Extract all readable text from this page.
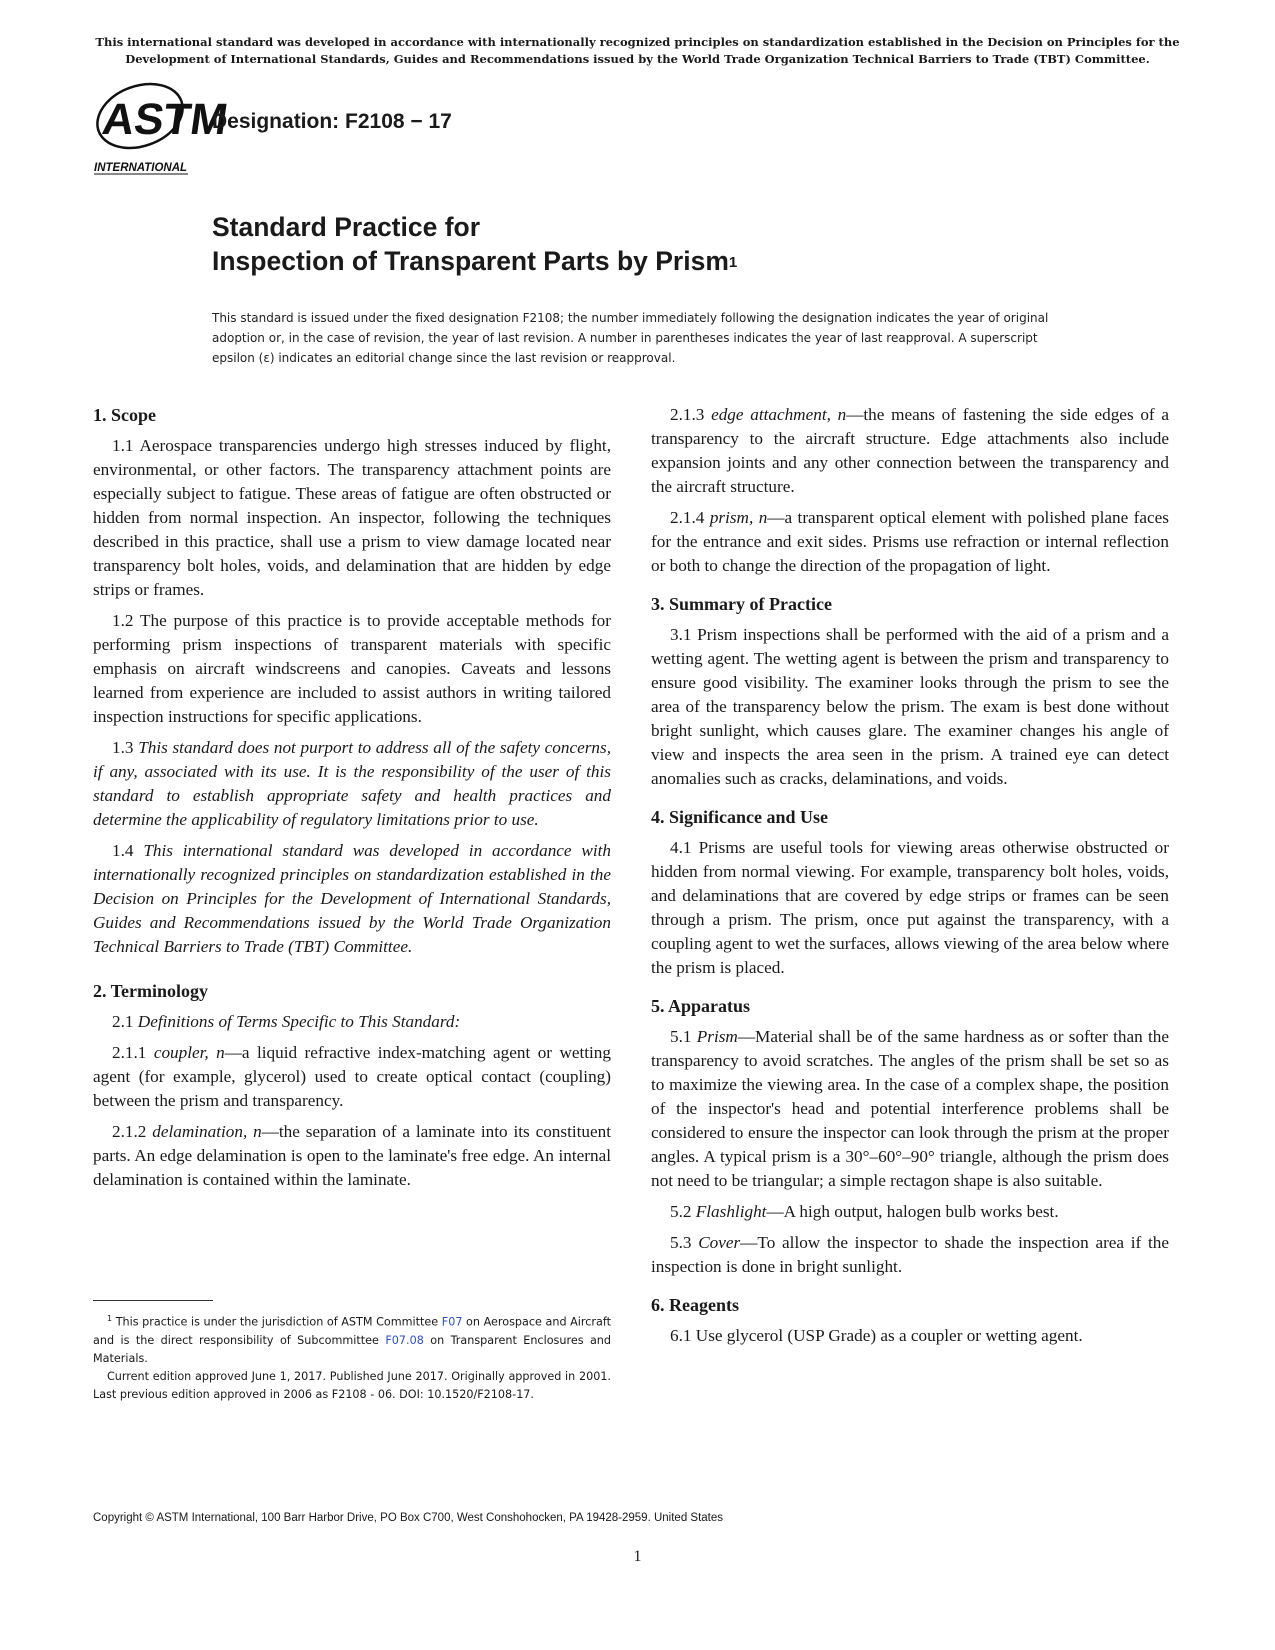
This international standard was developed in accordance with internationally recognized principles on standardization established in the Decision on Principles for the
Development of International Standards, Guides and Recommendations issued by the World Trade Organization Technical Barriers to Trade (TBT) Committee.
ASTM
INTERNATIONAL
Designation: F2108 − 17
Standard Practice for
Inspection of Transparent Parts by Prism$^1$
This standard is issued under the fixed designation F2108; the number immediately following the designation indicates the year of original adoption or, in the case of revision, the year of last revision. A number in parentheses indicates the year of last reapproval. A superscript epsilon (ε) indicates an editorial change since the last revision or reapproval.
1. Scope

1.1 Aerospace transparencies undergo high stresses induced by flight, environmental, or other factors. The transparency attachment points are especially subject to fatigue. These areas of fatigue are often obstructed or hidden from normal inspection. An inspector, following the techniques described in this practice, shall use a prism to view damage located near transparency bolt holes, voids, and delamination that are hidden by edge strips or frames.

1.2 The purpose of this practice is to provide acceptable methods for performing prism inspections of transparent materials with specific emphasis on aircraft windscreens and canopies. Caveats and lessons learned from experience are included to assist authors in writing tailored inspection instructions for specific applications.

1.3 This standard does not purport to address all of the safety concerns, if any, associated with its use. It is the responsibility of the user of this standard to establish appropriate safety and health practices and determine the applicability of regulatory limitations prior to use.

1.4 This international standard was developed in accordance with internationally recognized principles on standardization established in the Decision on Principles for the Development of International Standards, Guides and Recommendations issued by the World Trade Organization Technical Barriers to Trade (TBT) Committee.

2. Terminology

2.1 Definitions of Terms Specific to This Standard:

2.1.1 coupler, n—a liquid refractive index-matching agent or wetting agent (for example, glycerol) used to create optical contact (coupling) between the prism and transparency.

2.1.2 delamination, n—the separation of a laminate into its constituent parts. An edge delamination is open to the laminate's free edge. An internal delamination is contained within the laminate.

2.1.3 edge attachment, n—the means of fastening the side edges of a transparency to the aircraft structure. Edge attachments also include expansion joints and any other connection between the transparency and the aircraft structure.

2.1.4 prism, n—a transparent optical element with polished plane faces for the entrance and exit sides. Prisms use refraction or internal reflection or both to change the direction of the propagation of light.

3. Summary of Practice

3.1 Prism inspections shall be performed with the aid of a prism and a wetting agent. The wetting agent is between the prism and transparency to ensure good visibility. The examiner looks through the prism to see the area of the transparency below the prism. The exam is best done without bright sunlight, which causes glare. The examiner changes his angle of view and inspects the area seen in the prism. A trained eye can detect anomalies such as cracks, delaminations, and voids.

4. Significance and Use

4.1 Prisms are useful tools for viewing areas otherwise obstructed or hidden from normal viewing. For example, transparency bolt holes, voids, and delaminations that are covered by edge strips or frames can be seen through a prism. The prism, once put against the transparency, with a coupling agent to wet the surfaces, allows viewing of the area below where the prism is placed.

5. Apparatus

5.1 Prism—Material shall be of the same hardness as or softer than the transparency to avoid scratches. The angles of the prism shall be set so as to maximize the viewing area. In the case of a complex shape, the position of the inspector's head and potential interference problems shall be considered to ensure the inspector can look through the prism at the proper angles. A typical prism is a 30°–60°–90° triangle, although the prism does not need to be triangular; a simple rectagon shape is also suitable.

5.2 Flashlight—A high output, halogen bulb works best.

5.3 Cover—To allow the inspector to shade the inspection area if the inspection is done in bright sunlight.

6. Reagents

6.1 Use glycerol (USP Grade) as a coupler or wetting agent.

$^1$ This practice is under the jurisdiction of ASTM Committee F07 on Aerospace and Aircraft and is the direct responsibility of Subcommittee F07.08 on Transparent Enclosures and Materials.

Current edition approved June 1, 2017. Published June 2017. Originally approved in 2001. Last previous edition approved in 2006 as F2108 - 06. DOI: 10.1520/F2108-17.

Copyright © ASTM International, 100 Barr Harbor Drive, PO Box C700, West Conshohocken, PA 19428-2959. United States
1
